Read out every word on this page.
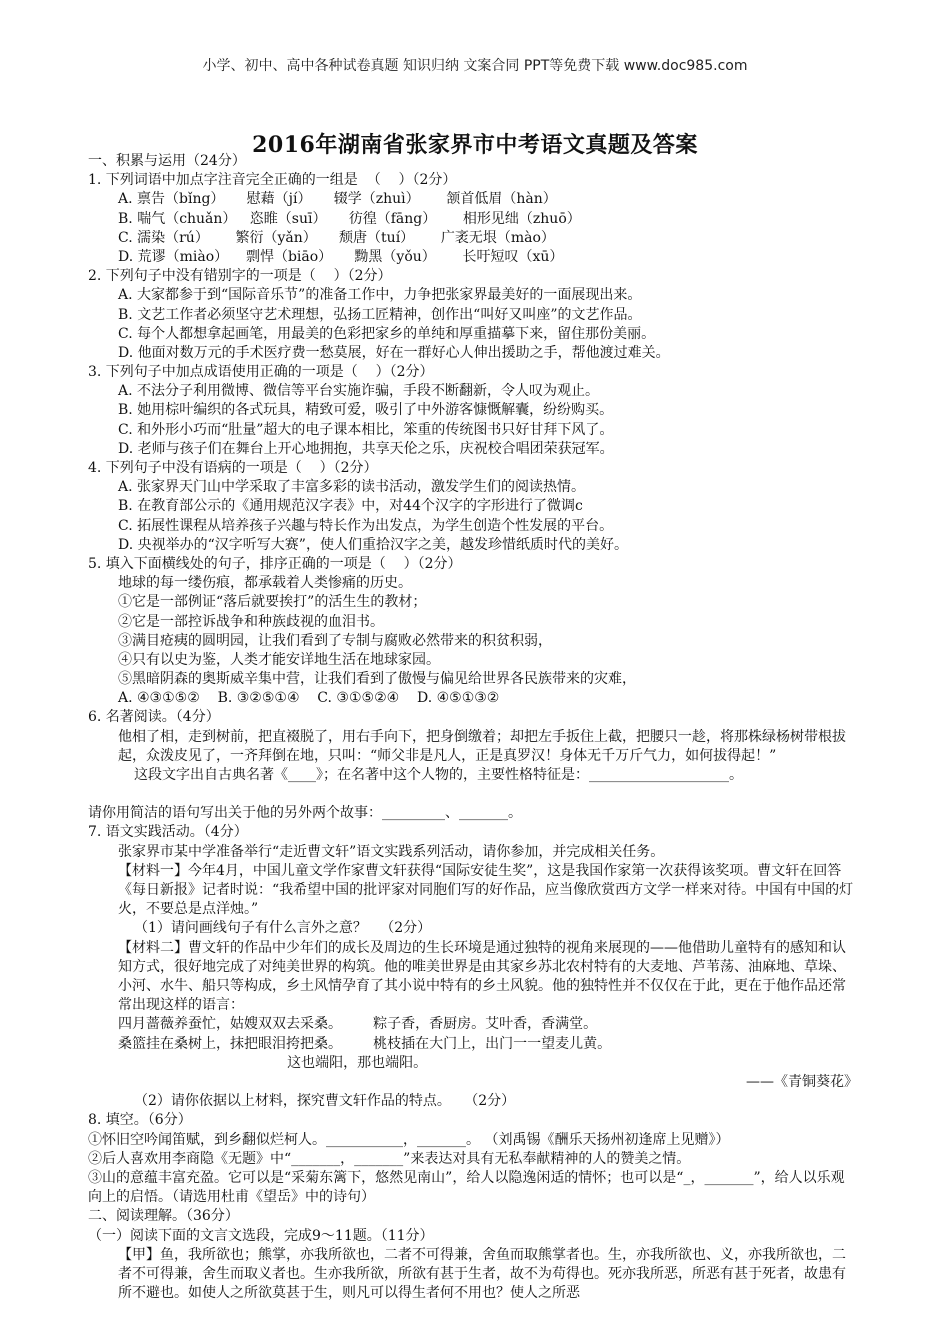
小学、初中、高中各种试卷真题 知识归纳 文案合同 PPT等免费下载 www.doc985.com
2016年湖南省张家界市中考语文真题及答案
一、积累与运用（24分）
1. 下列词语中加点字注音完全正确的一组是  （    ）（2分）
A. 禀告（bǐng）     慰藉（jí）     辍学（zhuì）      颔首低眉（hàn）
B. 喘气（chuǎn）   恣睢（suī）     彷徨（fāng）      相形见绌（zhuō）
C. 濡染（rú）      繁衍（yǎn）     颓唐（tuí）      广袤无垠（mào）
D. 荒谬（miào）    剽悍（biāo）     黝黑（yǒu）      长吁短叹（xū）
2. 下列句子中没有错别字的一项是（    ）（2分）
A. 大家都参于到“国际音乐节”的准备工作中，力争把张家界最美好的一面展现出来。
B. 文艺工作者必须坚守艺术理想，弘扬工匠精神，创作出“叫好又叫座”的文艺作品。
C. 每个人都想拿起画笔，用最美的色彩把家乡的单纯和厚重描摹下来，留住那份美丽。
D. 他面对数万元的手术医疗费一愁莫展，好在一群好心人伸出援助之手，帮他渡过难关。
3. 下列句子中加点成语使用正确的一项是（    ）（2分）
A. 不法分子利用微博、微信等平台实施诈骗，手段不断翻新，令人叹为观止。
B. 她用棕叶编织的各式玩具，精致可爱，吸引了中外游客慷慨解囊，纷纷购买。
C. 和外形小巧而“肚量”超大的电子课本相比，笨重的传统图书只好甘拜下风了。
D. 老师与孩子们在舞台上开心地拥抱，共享天伦之乐，庆祝校合唱团荣获冠军。
4. 下列句子中没有语病的一项是（    ）（2分）
A. 张家界天门山中学采取了丰富多彩的读书活动，激发学生们的阅读热情。
B. 在教育部公示的《通用规范汉字表》中，对44个汉字的字形进行了微调c
C. 拓展性课程从培养孩子兴趣与特长作为出发点，为学生创造个性发展的平台。
D. 央视举办的“汉字听写大赛”，使人们重拾汉字之美，越发珍惜纸质时代的美好。
5. 填入下面横线处的句子，排序正确的一项是（    ）（2分）
地球的每一缕伤痕，都承载着人类惨痛的历史。
①它是一部例证“落后就要挨打”的活生生的教材；
②它是一部控诉战争和种族歧视的血泪书。
③满目疮痍的圆明园，让我们看到了专制与腐败必然带来的积贫积弱，
④只有以史为鉴，人类才能安详地生活在地球家园。
⑤黑暗阴森的奥斯威辛集中营，让我们看到了傲慢与偏见给世界各民族带来的灾难，
A. ④③①⑤②    B. ③②⑤①④    C. ③①⑤②④    D. ④⑤①③②
6. 名著阅读。（4分）
他相了相，走到树前，把直裰脱了，用右手向下，把身倒缴着；却把左手扳住上截，把腰只一趁，将那株绿杨树带根拔起，众泼皮见了，一齐拜倒在地，只叫：“师父非是凡人，正是真罗汉！身体无千万斤气力，如何拔得起！”
这段文字出自古典名著《____》；在名著中这个人物的，主要性格特征是：____________________。
请你用简洁的语句写出关于他的另外两个故事：_________、_______。
7. 语文实践活动。（4分）
张家界市某中学准备举行“走近曹文轩”语文实践系列活动，请你参加，并完成相关任务。
【材料一】今年4月，中国儿童文学作家曹文轩获得“国际安徒生奖”，这是我国作家第一次获得该奖项。曹文轩在回答《每日新报》记者时说：“我希望中国的批评家对同胞们写的好作品，应当像欣赏西方文学一样来对待。中国有中国的灯火，不要总是点洋烛。”
（1）请问画线句子有什么言外之意？   （2分）
【材料二】曹文轩的作品中少年们的成长及周边的生长环境是通过独特的视角来展现的——他借助儿童特有的感知和认知方式，很好地完成了对纯美世界的构筑。他的唯美世界是由其家乡苏北农村特有的大麦地、芦苇荡、油麻地、草垛、小河、水牛、船只等构成，乡土风情孕育了其小说中特有的乡土风貌。他的独特性并不仅仅在于此，更在于他作品还常常出现这样的语言：
四月蔷薇养蚕忙，姑嫂双双去采桑。       粽子香，香厨房。艾叶香，香满堂。
桑篮挂在桑树上，抹把眼泪挎把桑。       桃枝插在大门上，出门一一望麦儿黄。
这也端阳，那也端阳。
——《青铜葵花》
（2）请你依据以上材料，探究曹文轩作品的特点。   （2分）
8. 填空。（6分）
①怀旧空吟闻笛赋，到乡翻似烂柯人。___________，_______。 （刘禹锡《酬乐天扬州初逢席上见赠》）
②后人喜欢用李商隐《无题》中“_______，_______”来表达对具有无私奉献精神的人的赞美之情。
③山的意蕴丰富充盈。它可以是“采菊东篱下，悠然见南山”，给人以隐逸闲适的情怀；也可以是“_，_______”，给人以乐观向上的启悟。（请选用杜甫《望岳》中的诗句）
二、阅读理解。（36分）
（一）阅读下面的文言文选段，完成9～11题。（11分）
【甲】鱼，我所欲也；熊掌，亦我所欲也，二者不可得兼，舍鱼而取熊掌者也。生，亦我所欲也、义，亦我所欲也，二者不可得兼，舍生而取义者也。生亦我所欲，所欲有甚于生者，故不为苟得也。死亦我所恶，所恶有甚于死者，故患有所不避也。如使人之所欲莫甚于生，则凡可以得生者何不用也？使人之所恶
